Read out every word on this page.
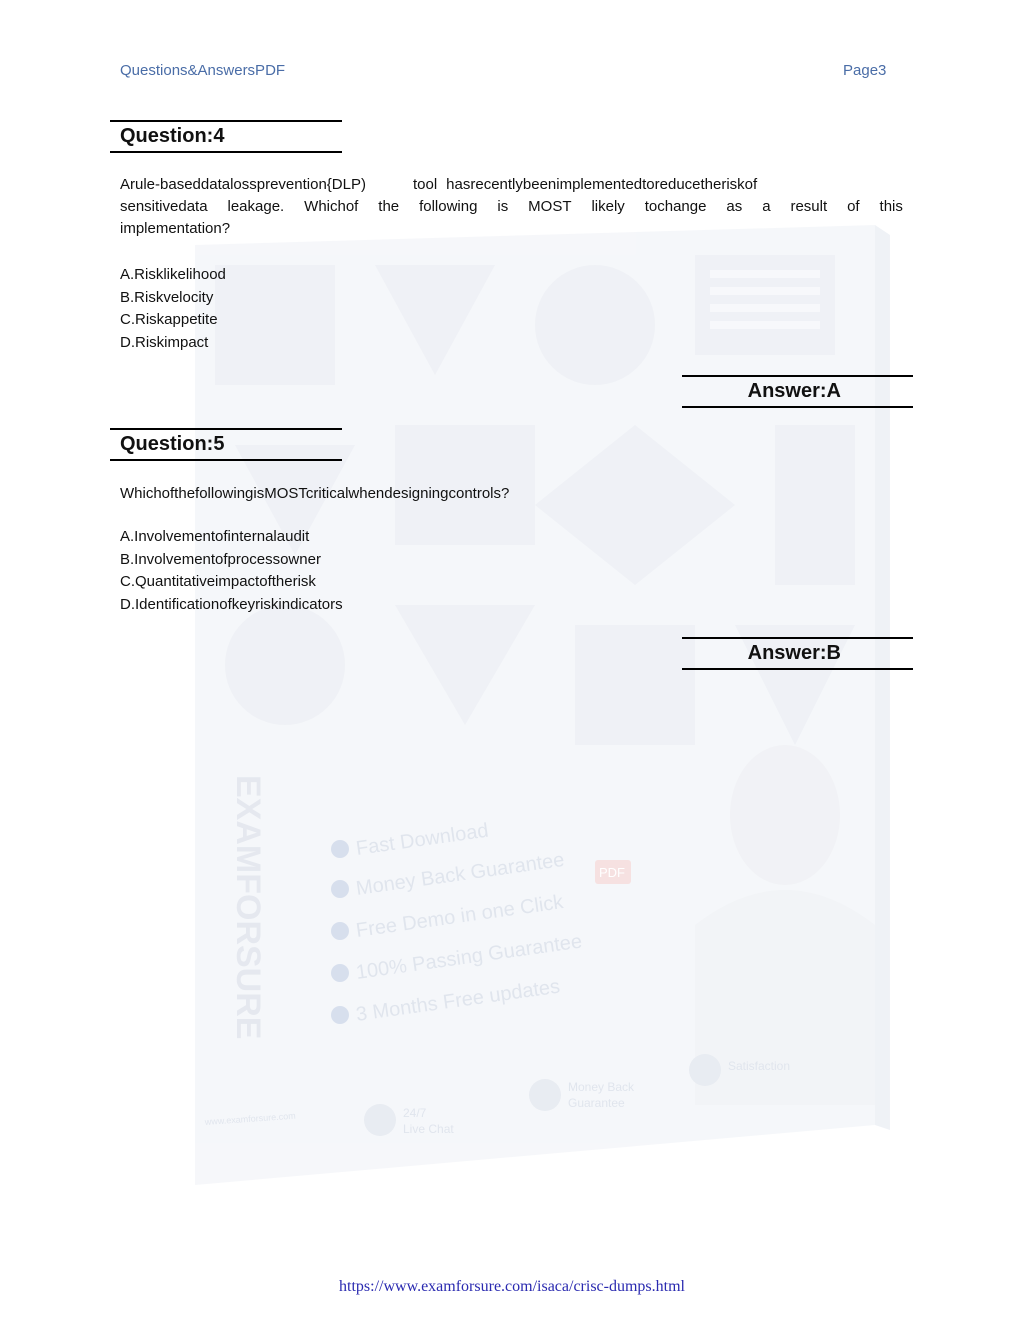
EXAMFORSURE	Fast Download
Money Back Guarantee
Free Demo in one Click
100% Passing Guarantee
3 Months Free updates
PDF
24/7
Live Chat
Money Back
Guarantee
Satisfaction
www.examforsure.com
Questions&AnswersPDF	Page3
Question:4
Arule-baseddatalossprevention{DLP)	tool hasrecentlybeenimplementedtoreducetheriskof
sensitivedata leakage. Whichof the following is MOST likely tochange as a result of this
implementation?
A.Risklikelihood
B.Riskvelocity
C.Riskappetite
D.Riskimpact
Answer:A
Question:5
WhichofthefollowingisMOSTcriticalwhendesigningcontrols?
A.Involvementofinternalaudit
B.Involvementofprocessowner
C.Quantitativeimpactoftherisk
D.Identificationofkeyriskindicators
Answer:B
https://www.examforsure.com/isaca/crisc-dumps.html
